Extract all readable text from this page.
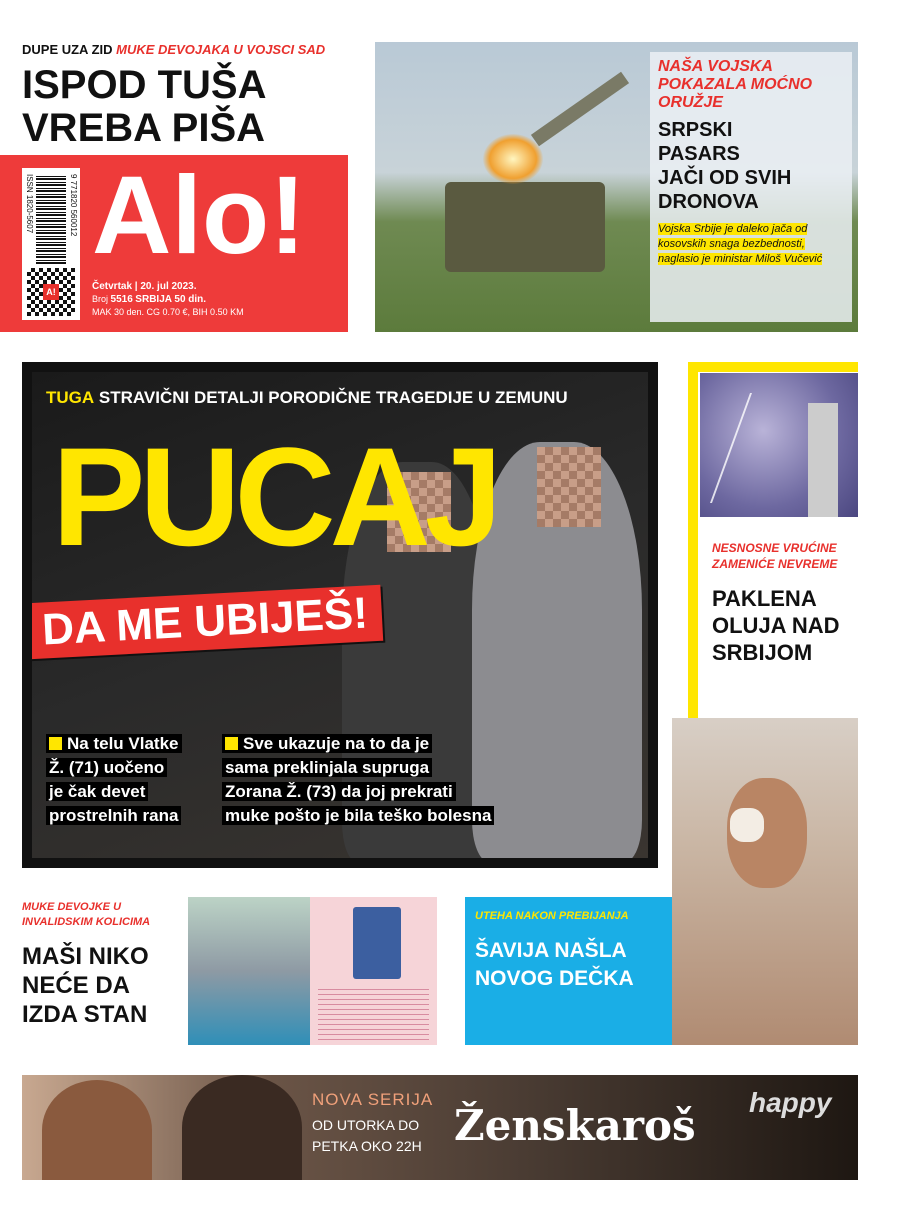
DUPE UZA ZID MUKE DEVOJAKA U VOJSCI SAD
ISPOD TUŠA VREBA PIŠA
ISSN 1820-5607	9 771820 560012
A!
Alo!
Četvrtak | 20. jul 2023.
Broj 5516 SRBIJA 50 din.
MAK 30 den. CG 0.70 €, BIH 0.50 KM
NAŠA VOJSKA POKAZALA MOĆNO ORUŽJE
SRPSKI
PASARS
JAČI OD SVIH
DRONOVA
Vojska Srbije je daleko jača od kosovskih snaga bezbednosti, naglasio je ministar Miloš Vučević
TUGA STRAVIČNI DETALJI PORODIČNE TRAGEDIJE U ZEMUNU
PUCAJ
DA ME UBIJEŠ!
Na telu Vlatke
Ž. (71) uočeno
je čak devet
prostrelnih rana
Sve ukazuje na to da je
sama preklinjala supruga
Zorana Ž. (73) da joj prekrati
muke pošto je bila teško bolesna
NESNOSNE VRUĆINE
ZAMENIĆE NEVREME
PAKLENA
OLUJA NAD
SRBIJOM
MUKE DEVOJKE U
INVALIDSKIM KOLICIMA
MAŠI NIKO
NEĆE DA
IZDA STAN
UTEHA NAKON PREBIJANJA
ŠAVIJA NAŠLA
NOVOG DEČKA
NOVA SERIJA
OD UTORKA DO
PETKA OKO 22H Ženskaroš happy
